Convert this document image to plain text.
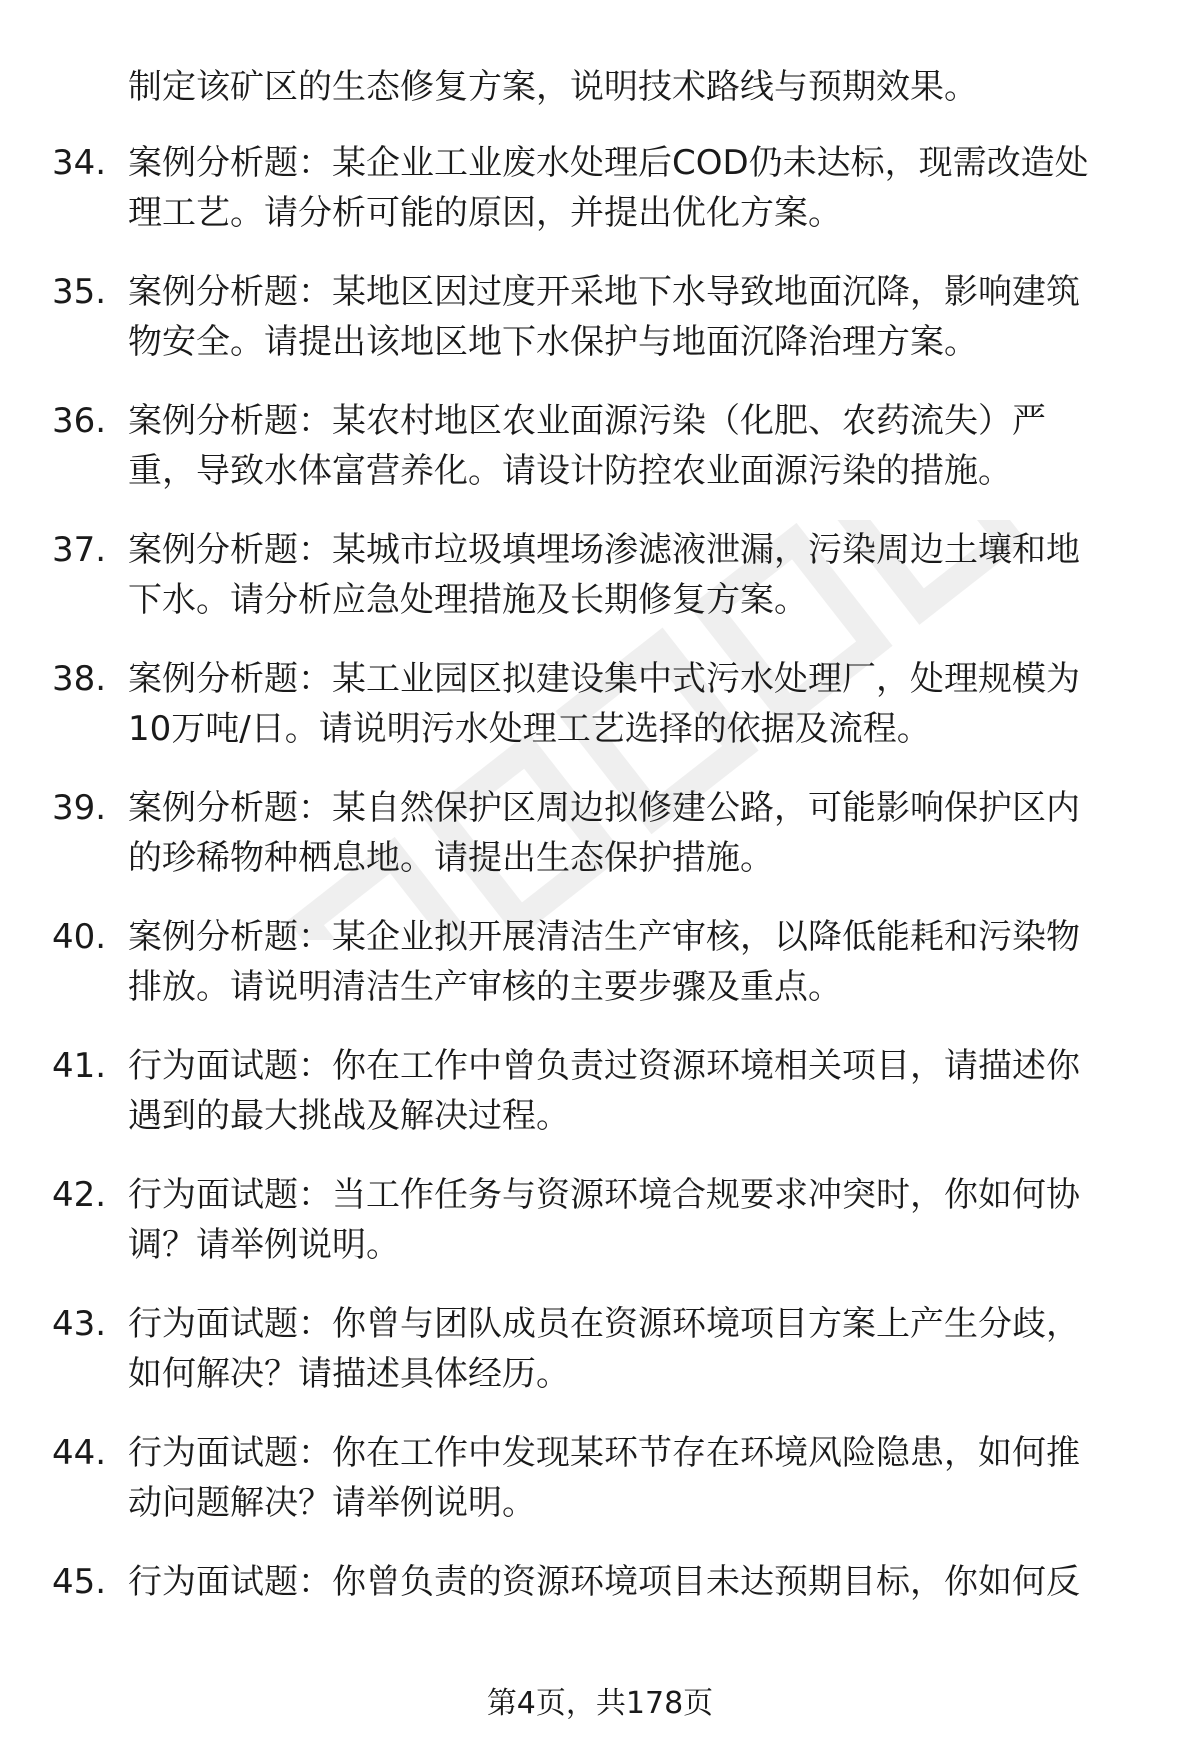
制定该矿区的生态修复方案，说明技术路线与预期效果。
34. 案例分析题：某企业工业废水处理后COD仍未达标，现需改造处
理工艺。请分析可能的原因，并提出优化方案。

35. 案例分析题：某地区因过度开采地下水导致地面沉降，影响建筑
物安全。请提出该地区地下水保护与地面沉降治理方案。

36. 案例分析题：某农村地区农业面源污染（化肥、农药流失）严
重，导致水体富营养化。请设计防控农业面源污染的措施。

37. 案例分析题：某城市垃圾填埋场渗滤液泄漏，污染周边土壤和地
下水。请分析应急处理措施及长期修复方案。

38. 案例分析题：某工业园区拟建设集中式污水处理厂，处理规模为
10万吨/日。请说明污水处理工艺选择的依据及流程。

39. 案例分析题：某自然保护区周边拟修建公路，可能影响保护区内
的珍稀物种栖息地。请提出生态保护措施。

40. 案例分析题：某企业拟开展清洁生产审核，以降低能耗和污染物
排放。请说明清洁生产审核的主要步骤及重点。

41. 行为面试题：你在工作中曾负责过资源环境相关项目，请描述你
遇到的最大挑战及解决过程。

42. 行为面试题：当工作任务与资源环境合规要求冲突时，你如何协
调？请举例说明。

43. 行为面试题：你曾与团队成员在资源环境项目方案上产生分歧，
如何解决？请描述具体经历。

44. 行为面试题：你在工作中发现某环节存在环境风险隐患，如何推
动问题解决？请举例说明。

45. 行为面试题：你曾负责的资源环境项目未达预期目标，你如何反

第4页，共178页
